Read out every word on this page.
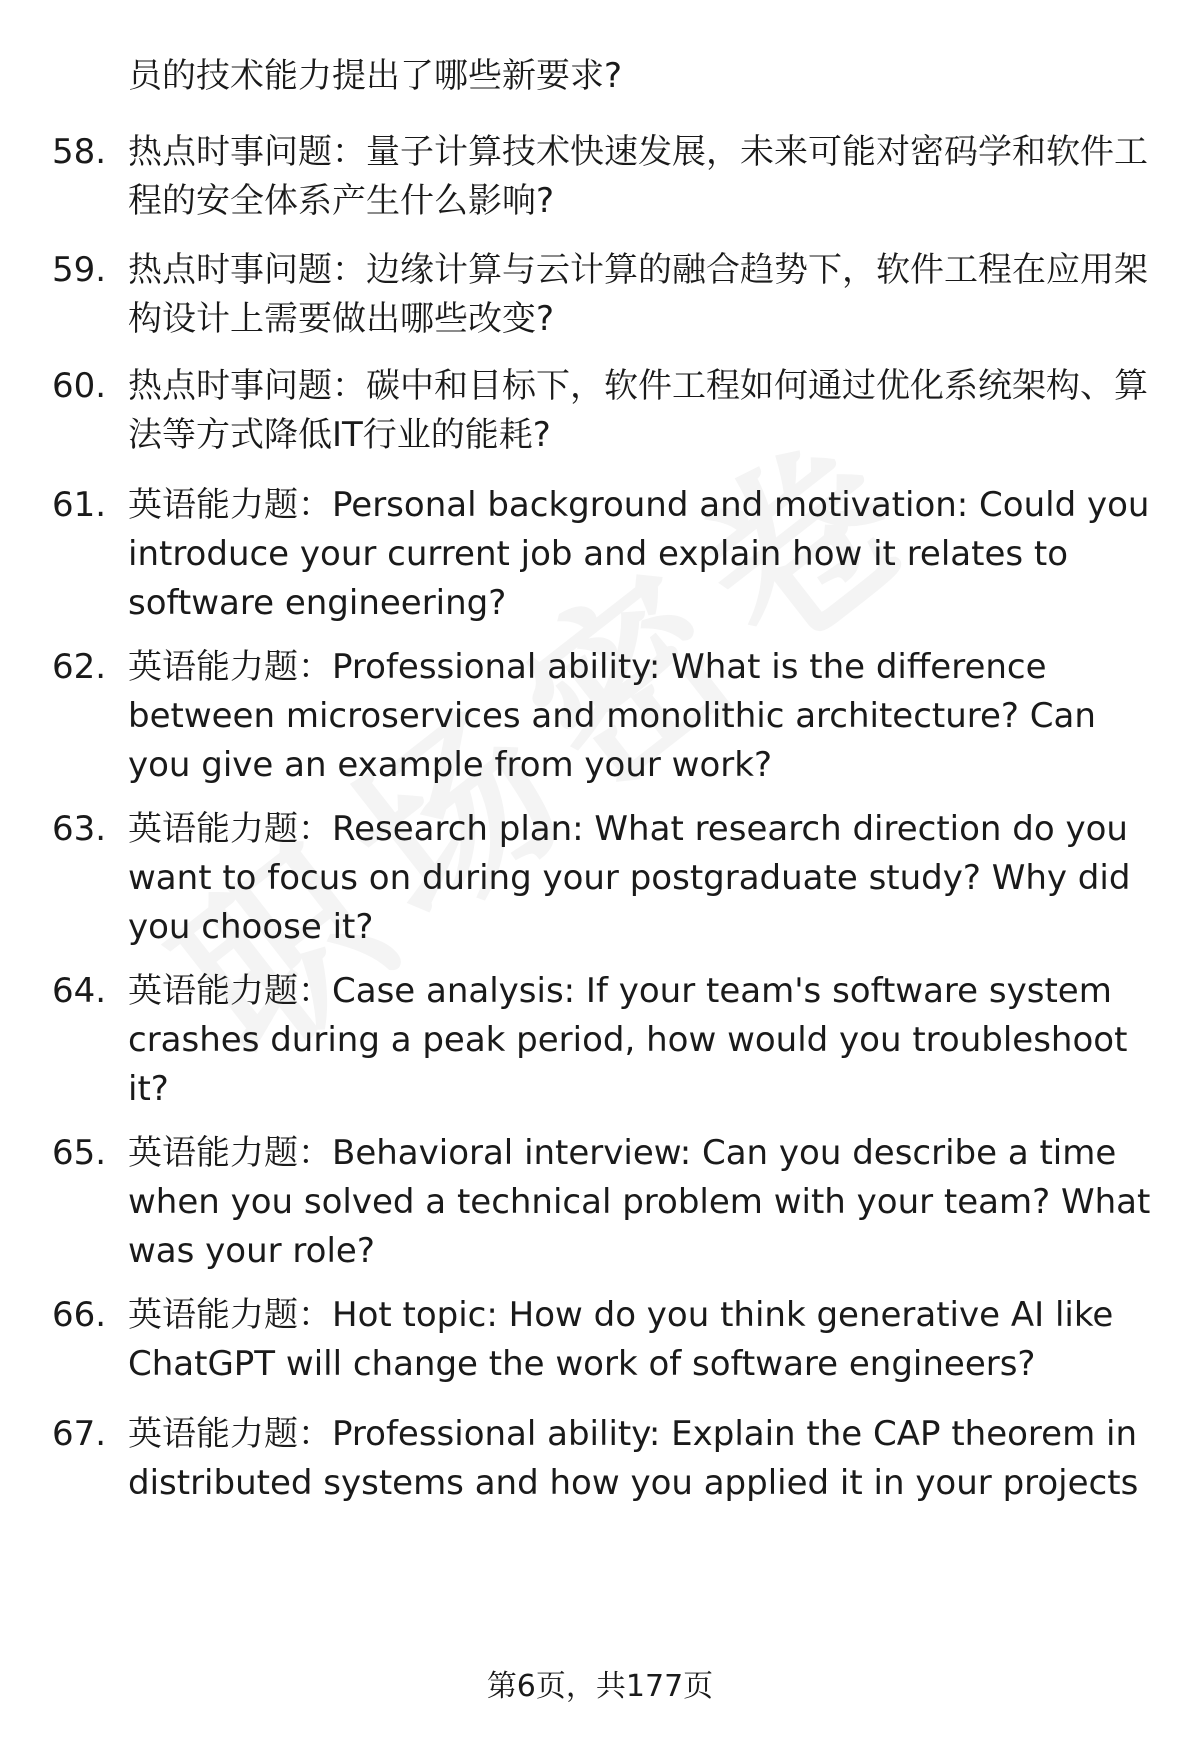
员的技术能力提出了哪些新要求?
58. 热点时事问题：量子计算技术快速发展，未来可能对密码学和软件工程的安全体系产生什么影响?
59. 热点时事问题：边缘计算与云计算的融合趋势下，软件工程在应用架构设计上需要做出哪些改变?
60. 热点时事问题：碳中和目标下，软件工程如何通过优化系统架构、算法等方式降低IT行业的能耗?
61. 英语能力题：Personal background and motivation: Could you introduce your current job and explain how it relates to software engineering?
62. 英语能力题：Professional ability: What is the difference between microservices and monolithic architecture? Can you give an example from your work?
63. 英语能力题：Research plan: What research direction do you want to focus on during your postgraduate study? Why did you choose it?
64. 英语能力题：Case analysis: If your team's software system crashes during a peak period, how would you troubleshoot it?
65. 英语能力题：Behavioral interview: Can you describe a time when you solved a technical problem with your team? What was your role?
66. 英语能力题：Hot topic: How do you think generative AI like ChatGPT will change the work of software engineers?
67. 英语能力题：Professional ability: Explain the CAP theorem in distributed systems and how you applied it in your projects
第6页，共177页
